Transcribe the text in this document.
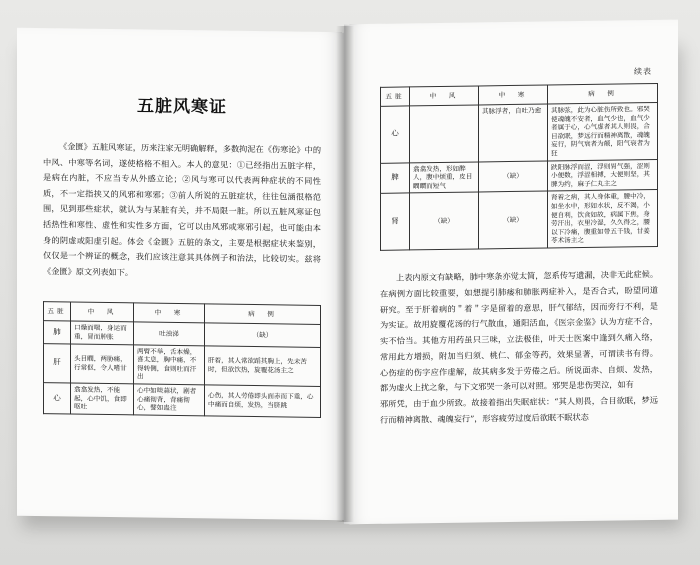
五脏风寒证
《金匮》五脏风寒证，历来注家无明确解释，多数拘泥在《伤寒论》中的中风、中寒等名词，遂使格格不相入。本人的意见：①已经指出五脏字样，是病在内脏，不应当专从外感立论；②风与寒可以代表两种症状的不同性质，不一定指挟又的风邪和寒邪；③前人所说的五脏症状，往往包涵很格范围，见到那些症状，就认为与某脏有关，并不局限一脏。所以五脏风寒证包括热性和寒性、虚性和实性多方面，它可以由风邪或寒邪引起，也可能由本身的阴虚或阳虚引起。体会《金匮》五脏的条文，主要是根据症状来鉴别，仅仅是一个辨证的概念，我们应该注意其具体例子和治法，比较切实。兹将《金匮》原文列表如下。
五脏	中　风	中　寒	病　例
肺	口燥而喘，身运而重，冒而肿胀	吐浊涕	（缺）
肝	头目瞤，两胁痛，行常伛，令人嗜甘	两臂不举，舌本燥，喜太息，胸中痛，不得转侧，食则吐而汗出	肝着，其人常欲蹈其胸上，先未苦时，但欲饮热，旋覆花汤主之
心	翕翕发热，不能起，心中饥，食即呕吐	心中如啖蒜状，剧者心痛彻背，背痛彻心，譬如蛊注	心伤，其人劳倦即头面赤而下重，心中痛而自烦，发热，当脐跳
续表
五脏	中　风	中　寒	病　例
心		其脉浮者，自吐乃愈	其脉弦，此为心脏伤所致也。邪哭使魂魄不安者，血气少也，血气少者属于心，心气虚者其人则畏，合目欲眠，梦远行而精神离散，魂魄妄行，阴气衰者为颠，阳气衰者为狂
脾	翕翕发热，形如醉人，腹中烦重，皮目瞤瞤而短气	（缺）	趺阳脉浮而涩，浮则胃气强，涩则小便数，浮涩相搏，大便则坚，其脾为约，麻子仁丸主之
肾	（缺）	（缺）	肾着之病，其人身体重，腰中冷，如坐水中，形如水状，反不渴，小便自利，饮食如故，病属下焦，身劳汗出，衣里冷湿，久久得之，腰以下冷痛，腹重如带五千钱，甘姜苓术汤主之

上表内原文有缺略，肺中寒条亦觉太简，忽系传写遗漏，决非无此症候。在病例方面比较重要，如想提引肺痿和肺胀两症补入，是否合式，盼望同道研究。至于肝着病的＂着＂字是留着的意思，肝气郁结，因而旁行不利，是为实证。故用旋覆花汤的行气散血，通阳活血，《医宗金鉴》认为方症不合，实不恰当。其他方用药虽只三味，立法极佳，叶天士医案中逢到久痛入络，常用此方增损，附加当归须、桃仁、郁金等药，效果显著，可谓读书有得。心伤症的伤字应作虚解，故其病多发于劳倦之后。所说面赤、自烦、发热，都为虚火上扰之象，与下文邪哭一条可以对照。邪哭是悲伤哭泣，如有

邪所凭，由于血少所致。故接着指出失眠症状：“其人则畏，合目欲眠，梦远行而精神离散、魂魄妄行”，形容疲劳过度后欲眠不眠状态
